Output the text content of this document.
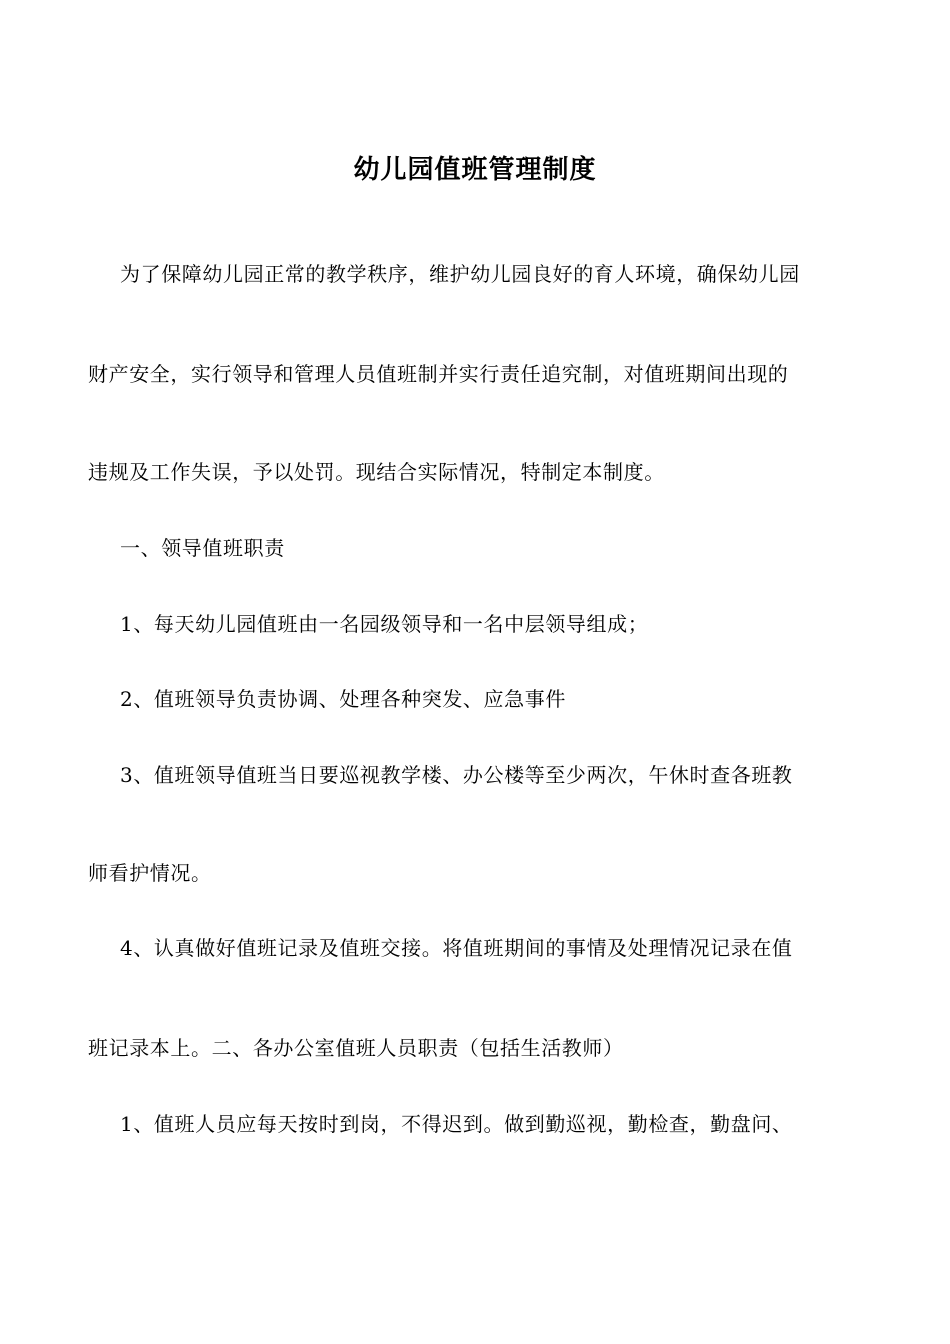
幼儿园值班管理制度
为了保障幼儿园正常的教学秩序，维护幼儿园良好的育人环境，确保幼儿园
财产安全，实行领导和管理人员值班制并实行责任追究制，对值班期间出现的
违规及工作失误，予以处罚。现结合实际情况，特制定本制度。
一、领导值班职责
1、每天幼儿园值班由一名园级领导和一名中层领导组成；
2、值班领导负责协调、处理各种突发、应急事件
3、值班领导值班当日要巡视教学楼、办公楼等至少两次，午休时查各班教
师看护情况。
4、认真做好值班记录及值班交接。将值班期间的事情及处理情况记录在值
班记录本上。二、各办公室值班人员职责（包括生活教师）
1、值班人员应每天按时到岗，不得迟到。做到勤巡视，勤检查，勤盘问、
